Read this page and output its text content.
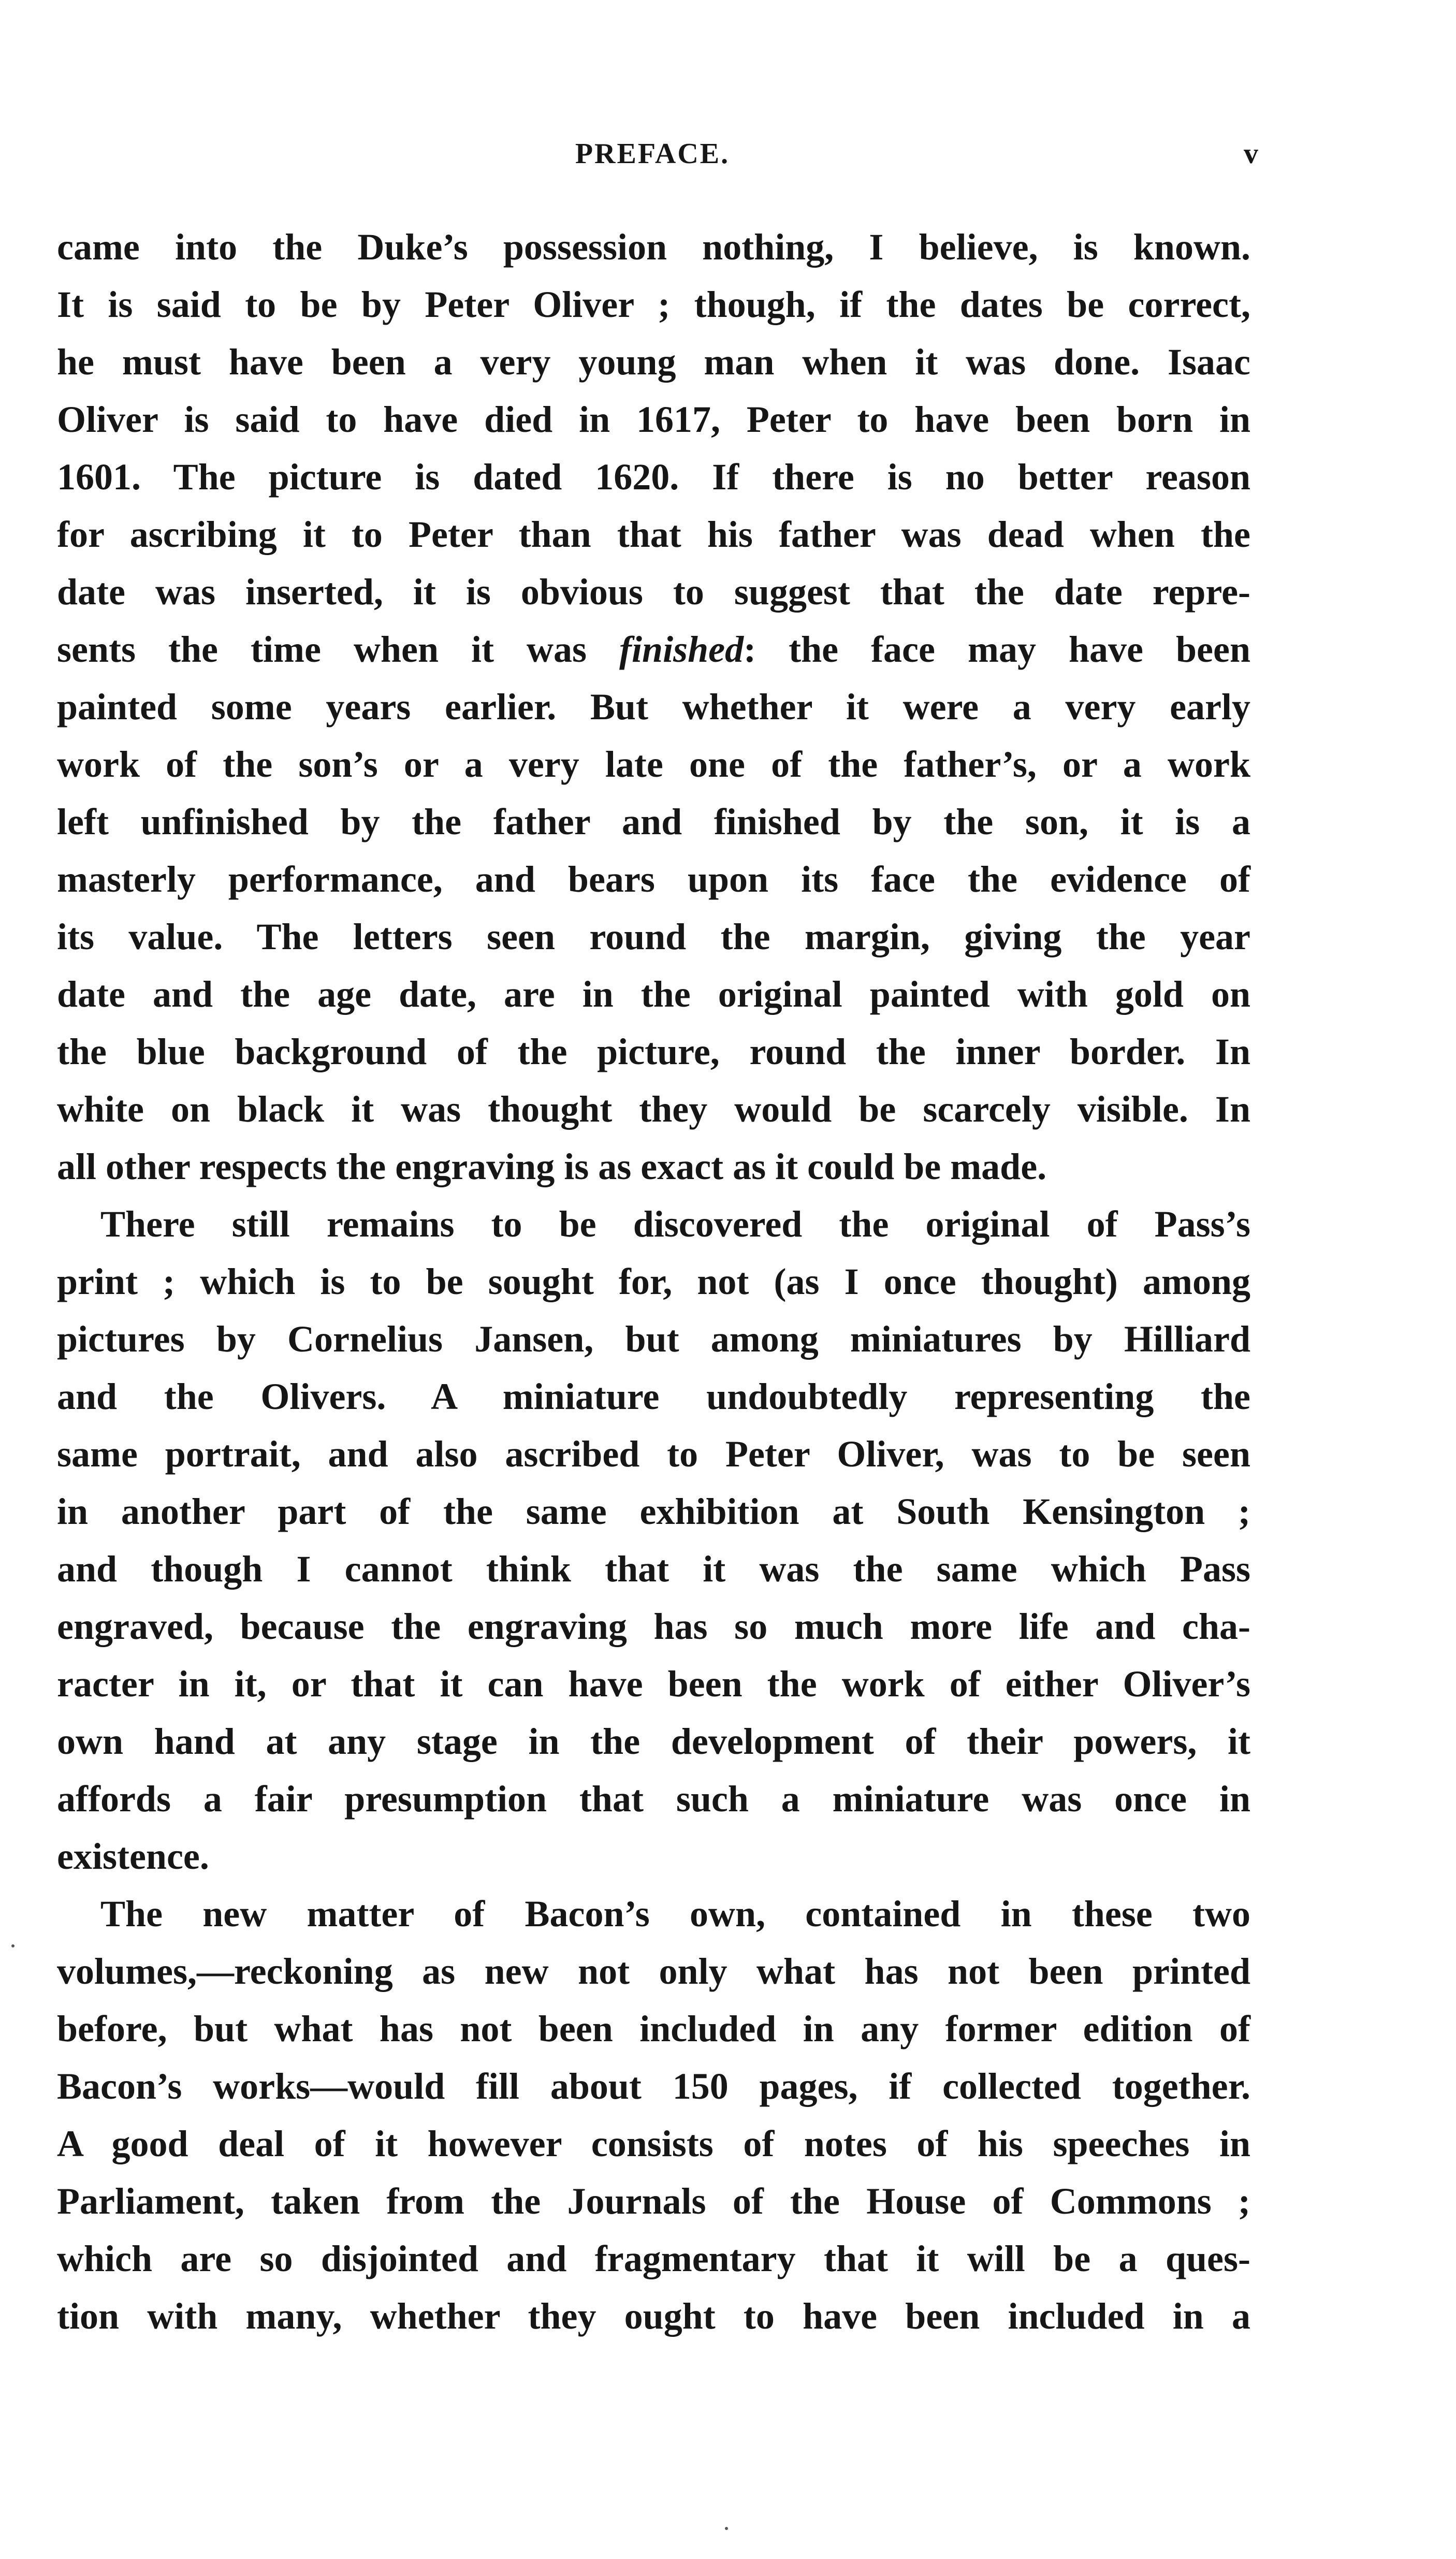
PREFACE.	v
came into the Duke’s possession nothing, I believe, is known.
It is said to be by Peter Oliver ; though, if the dates be correct,
he must have been a very young man when it was done. Isaac
Oliver is said to have died in 1617, Peter to have been born in
1601. The picture is dated 1620. If there is no better reason
for ascribing it to Peter than that his father was dead when the
date was inserted, it is obvious to suggest that the date repre-
sents the time when it was finished: the face may have been
painted some years earlier. But whether it were a very early
work of the son’s or a very late one of the father’s, or a work
left unfinished by the father and finished by the son, it is a
masterly performance, and bears upon its face the evidence of
its value. The letters seen round the margin, giving the year
date and the age date, are in the original painted with gold on
the blue background of the picture, round the inner border. In
white on black it was thought they would be scarcely visible. In
all other respects the engraving is as exact as it could be made.
There still remains to be discovered the original of Pass’s
print ; which is to be sought for, not (as I once thought) among
pictures by Cornelius Jansen, but among miniatures by Hilliard
and the Olivers. A miniature undoubtedly representing the
same portrait, and also ascribed to Peter Oliver, was to be seen
in another part of the same exhibition at South Kensington ;
and though I cannot think that it was the same which Pass
engraved, because the engraving has so much more life and cha-
racter in it, or that it can have been the work of either Oliver’s
own hand at any stage in the development of their powers, it
affords a fair presumption that such a miniature was once in
existence.
The new matter of Bacon’s own, contained in these two
volumes,—reckoning as new not only what has not been printed
before, but what has not been included in any former edition of
Bacon’s works—would fill about 150 pages, if collected together.
A good deal of it however consists of notes of his speeches in
Parliament, taken from the Journals of the House of Commons ;
which are so disjointed and fragmentary that it will be a ques-
tion with many, whether they ought to have been included in a
